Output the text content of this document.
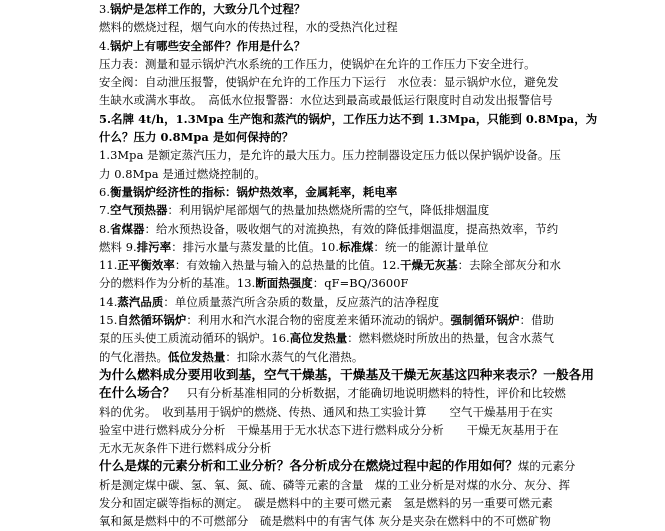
3.锅炉是怎样工作的，大致分几个过程？
燃料的燃烧过程，烟气向水的传热过程，水的受热汽化过程
4.锅炉上有哪些安全部件？作用是什么？
压力表：测量和显示锅炉汽水系统的工作压力，使锅炉在允许的工作压力下安全进行。
安全阀：自动泄压报警，使锅炉在允许的工作压力下运行　水位表：显示锅炉水位，避免发
生缺水或满水事故。　高低水位报警器：水位达到最高或最低运行限度时自动发出报警信号
5.名牌 4t/h，1.3Mpa 生产饱和蒸汽的锅炉，工作压力达不到 1.3Mpa，只能到 0.8Mpa，为
什么？压力 0.8Mpa 是如何保持的？
1.3Mpa 是额定蒸汽压力，是允许的最大压力。压力控制器设定压力低以保护锅炉设备。压
力 0.8Mpa 是通过燃烧控制的。
6.衡量锅炉经济性的指标：锅炉热效率，金属耗率，耗电率
7.空气预热器：利用锅炉尾部烟气的热量加热燃烧所需的空气，降低排烟温度
8.省煤器：给水预热设备，吸收烟气的对流换热，有效的降低排烟温度，提高热效率，节约
燃料 9.排污率：排污水量与蒸发量的比值。10.标准煤：统一的能源计量单位
11.正平衡效率：有效输入热量与输入的总热量的比值。12.干燥无灰基：去除全部灰分和水
分的燃料作为分析的基准。13.断面热强度：qF=BQ/3600F
14.蒸汽品质：单位质量蒸汽所含杂质的数量，反应蒸汽的洁净程度
15.自然循环锅炉：利用水和汽水混合物的密度差来循环流动的锅炉。强制循环锅炉：借助
泵的压头使工质流动循环的锅炉。16.高位发热量：燃料燃烧时所放出的热量，包含水蒸气
的气化潜热。低位发热量：扣除水蒸气的气化潜热。
为什么燃料成分要用收到基，空气干燥基，干燥基及干燥无灰基这四种来表示？一般各用
在什么场合？　只有分析基准相同的分析数据，才能确切地说明燃料的特性，评价和比较燃
料的优劣。　收到基用于锅炉的燃烧、传热、通风和热工实验计算　　空气干燥基用于在实
验室中进行燃料成分分析　干燥基用于无水状态下进行燃料成分分析　　干燥无灰基用于在
无水无灰条件下进行燃料成分分析
什么是煤的元素分析和工业分析？各分析成分在燃烧过程中起的作用如何？煤的元素分
析是测定煤中碳、氢、氧、氮、硫、磷等元素的含量　煤的工业分析是对煤的水分、灰分、挥
发分和固定碳等指标的测定。　碳是燃料中的主要可燃元素　氢是燃料的另一重要可燃元素
氧和氮是燃料中的不可燃部分　硫是燃料中的有害气体 灰分是夹杂在燃料中的不可燃矿物
